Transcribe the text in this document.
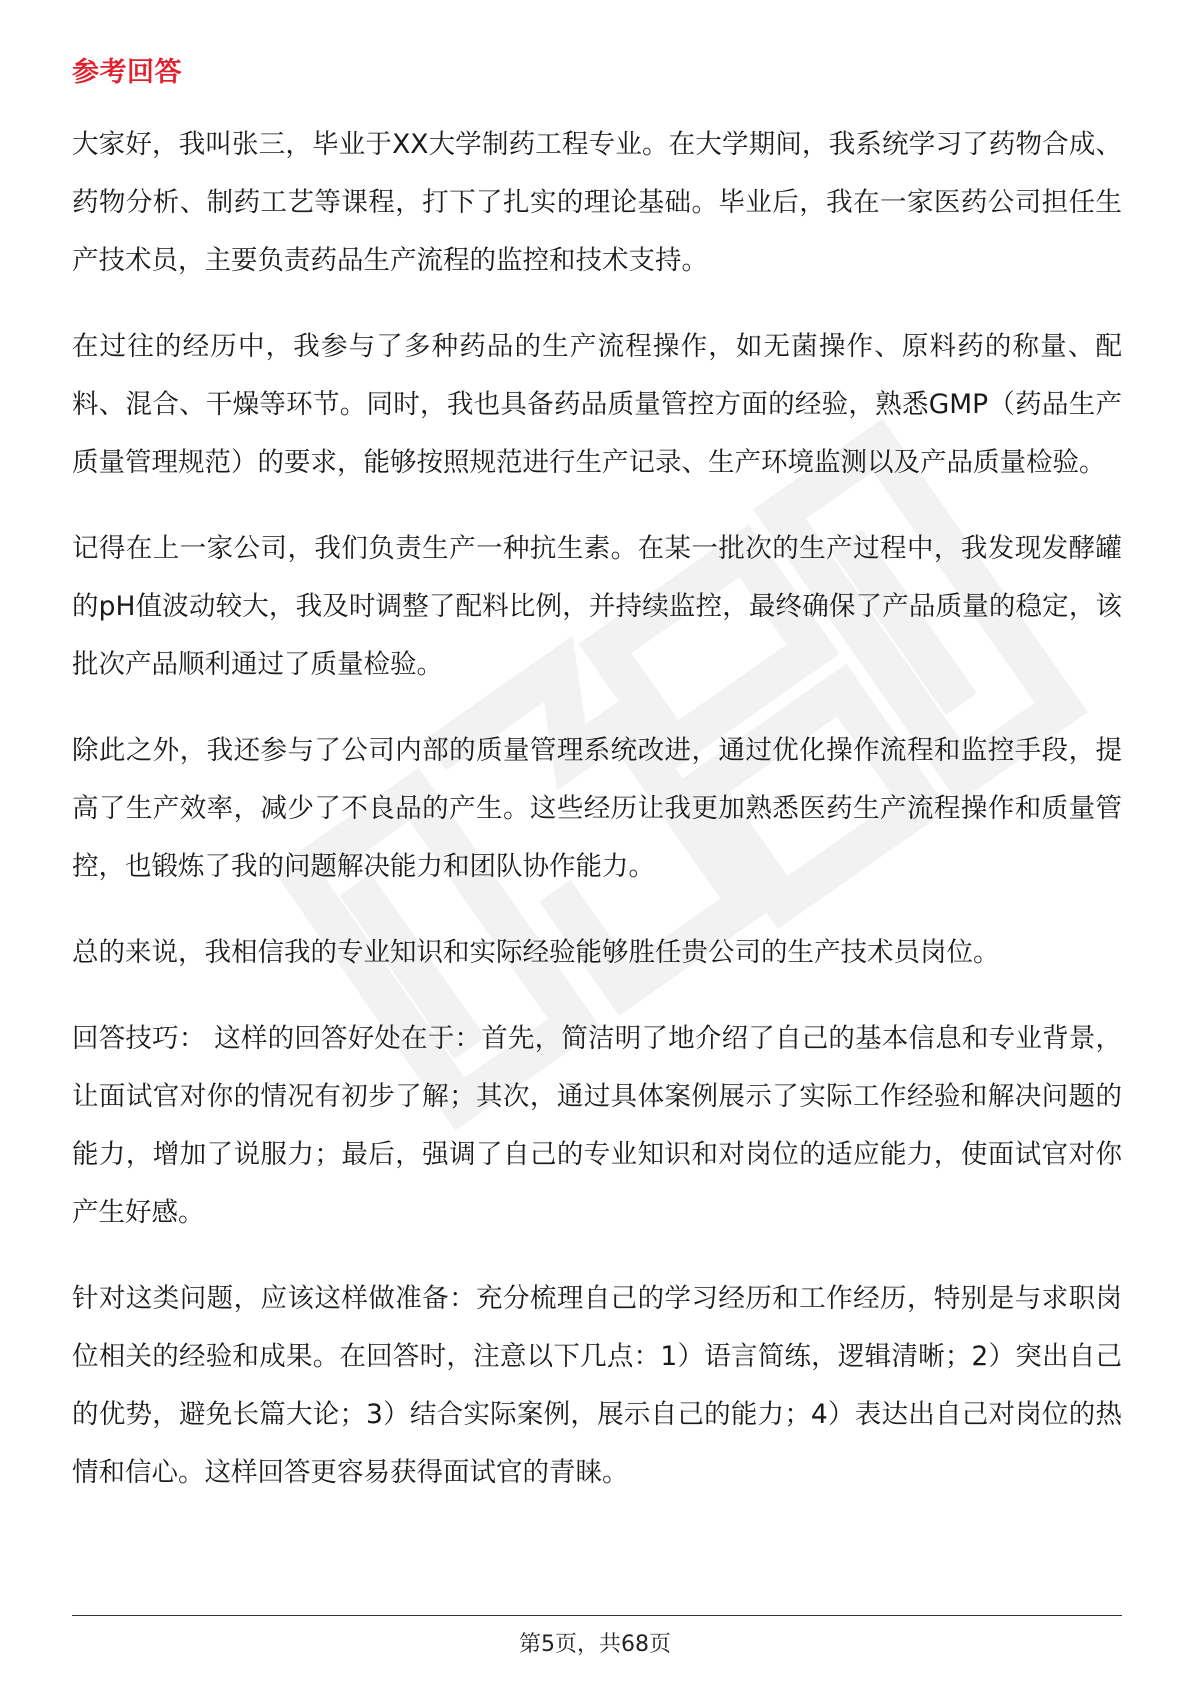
参考回答

大家好，我叫张三，毕业于XX大学制药工程专业。在大学期间，我系统学习了药物合成、药物分析、制药工艺等课程，打下了扎实的理论基础。毕业后，我在一家医药公司担任生产技术员，主要负责药品生产流程的监控和技术支持。

在过往的经历中，我参与了多种药品的生产流程操作，如无菌操作、原料药的称量、配料、混合、干燥等环节。同时，我也具备药品质量管控方面的经验，熟悉GMP（药品生产质量管理规范）的要求，能够按照规范进行生产记录、生产环境监测以及产品质量检验。

记得在上一家公司，我们负责生产一种抗生素。在某一批次的生产过程中，我发现发酵罐的pH值波动较大，我及时调整了配料比例，并持续监控，最终确保了产品质量的稳定，该批次产品顺利通过了质量检验。

除此之外，我还参与了公司内部的质量管理系统改进，通过优化操作流程和监控手段，提高了生产效率，减少了不良品的产生。这些经历让我更加熟悉医药生产流程操作和质量管控，也锻炼了我的问题解决能力和团队协作能力。

总的来说，我相信我的专业知识和实际经验能够胜任贵公司的生产技术员岗位。

回答技巧： 这样的回答好处在于：首先，简洁明了地介绍了自己的基本信息和专业背景，让面试官对你的情况有初步了解；其次，通过具体案例展示了实际工作经验和解决问题的能力，增加了说服力；最后，强调了自己的专业知识和对岗位的适应能力，使面试官对你产生好感。

针对这类问题，应该这样做准备：充分梳理自己的学习经历和工作经历，特别是与求职岗位相关的经验和成果。在回答时，注意以下几点：1）语言简练，逻辑清晰；2）突出自己的优势，避免长篇大论；3）结合实际案例，展示自己的能力；4）表达出自己对岗位的热情和信心。这样回答更容易获得面试官的青睐。

第5页，共68页
